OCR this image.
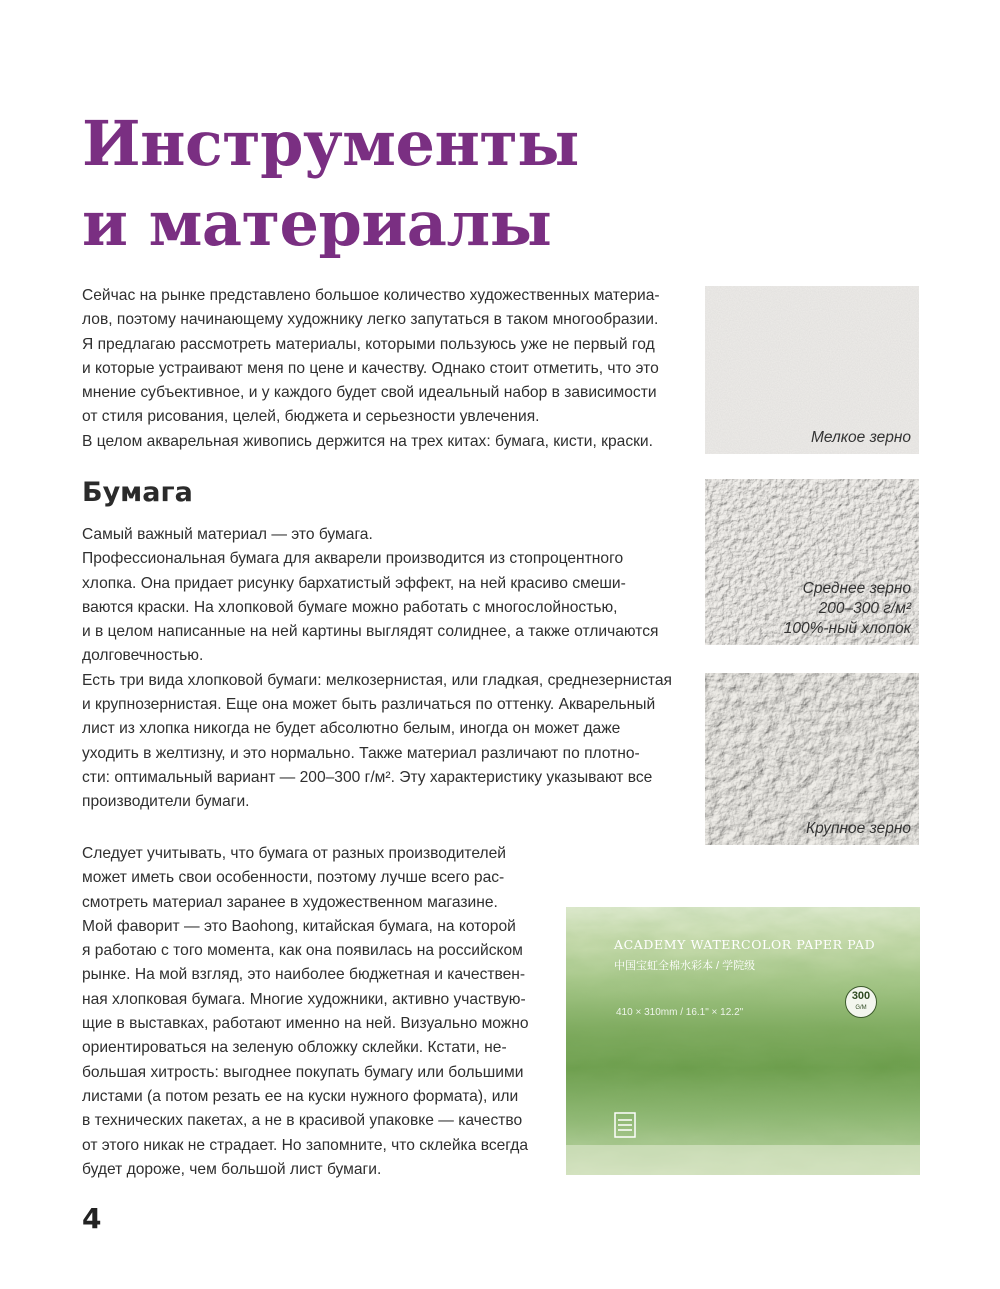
Инструменты
и материалы

Сейчас на рынке представлено большое количество художественных материа-
лов, поэтому начинающему художнику легко запутаться в таком многообразии.
Я предлагаю рассмотреть материалы, которыми пользуюсь уже не первый год
и которые устраивают меня по цене и качеству. Однако стоит отметить, что это
мнение субъективное, и у каждого будет свой идеальный набор в зависимости
от стиля рисования, целей, бюджета и серьезности увлечения.
В целом акварельная живопись держится на трех китах: бумага, кисти, краски.

Бумага

Самый важный материал — это бумага.
Профессиональная бумага для акварели производится из стопроцентного
хлопка. Она придает рисунку бархатистый эффект, на ней красиво смеши-
ваются краски. На хлопковой бумаге можно работать с многослойностью,
и в целом написанные на ней картины выглядят солиднее, а также отличаются
долговечностью.
Есть три вида хлопковой бумаги: мелкозернистая, или гладкая, среднезернистая
и крупнозернистая. Еще она может быть различаться по оттенку. Акварельный
лист из хлопка никогда не будет абсолютно белым, иногда он может даже
уходить в желтизну, и это нормально. Также материал различают по плотно-
сти: оптимальный вариант — 200–300 г/м². Эту характеристику указывают все
производители бумаги.

Следует учитывать, что бумага от разных производителей
может иметь свои особенности, поэтому лучше всего рас-
смотреть материал заранее в художественном магазине.
Мой фаворит — это Baohong, китайская бумага, на которой
я работаю с того момента, как она появилась на российском
рынке. На мой взгляд, это наиболее бюджетная и качествен-
ная хлопковая бумага. Многие художники, активно участвую-
щие в выставках, работают именно на ней. Визуально можно
ориентироваться на зеленую обложку склейки. Кстати, не-
большая хитрость: выгоднее покупать бумагу или большими
листами (а потом резать ее на куски нужного формата), или
в технических пакетах, а не в красивой упаковке — качество
от этого никак не страдает. Но запомните, что склейка всегда
будет дороже, чем большой лист бумаги.

Мелкое зерно
Среднее зерно
200–300 г/м²
100%-ный хлопок
Крупное зерно
ACADEMY WATERCOLOR PAPER PAD
中国宝虹全棉水彩本 / 学院级
300
G/M
410 × 310mm / 16.1" × 12.2"
4
